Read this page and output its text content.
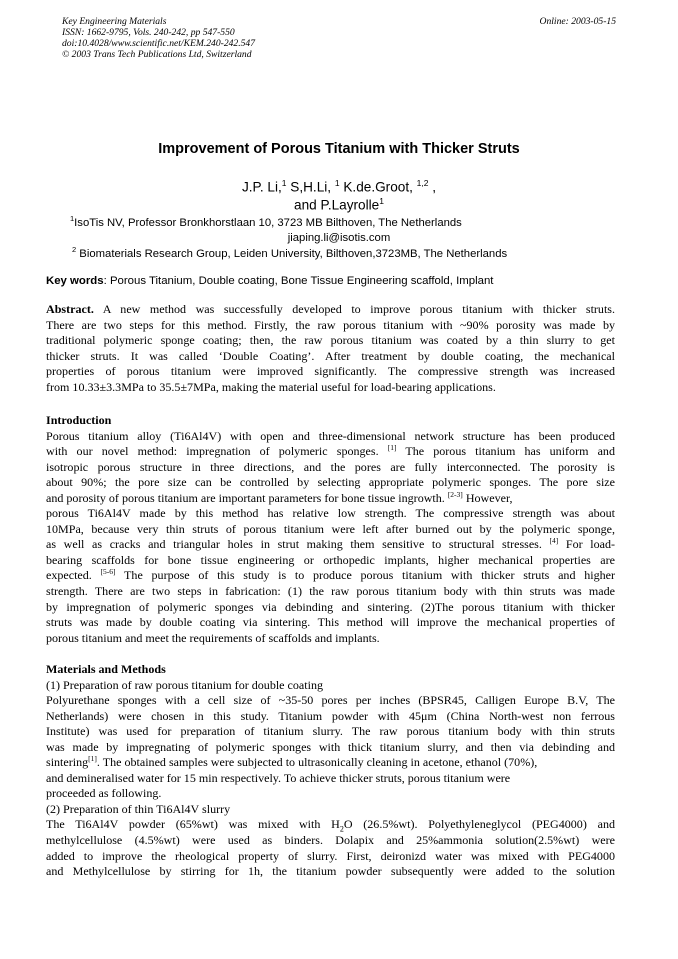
Key Engineering Materials
ISSN: 1662-9795, Vols. 240-242, pp 547-550
doi:10.4028/www.scientific.net/KEM.240-242.547
© 2003 Trans Tech Publications Ltd, Switzerland
Online: 2003-05-15
Improvement of Porous Titanium with Thicker Struts
J.P. Li,$^1$ S,H.Li, $^1$ K.de.Groot, $^{1,2}$ ,
and P.Layrolle$^1$
$^1$IsoTis NV, Professor Bronkhorstlaan 10, 3723 MB Bilthoven, The Netherlands
jiaping.li@isotis.com
$^2$ Biomaterials Research Group, Leiden University, Bilthoven,3723MB, The Netherlands
Key words: Porous Titanium, Double coating, Bone Tissue Engineering scaffold, Implant
Abstract. A new method was successfully developed to improve porous titanium with thicker struts.
There are two steps for this method. Firstly, the raw porous titanium with ~90% porosity was made by
traditional polymeric sponge coating; then, the raw porous titanium was coated by a thin slurry to get
thicker struts. It was called ‘Double Coating’. After treatment by double coating, the mechanical
properties of porous titanium were improved significantly. The compressive strength was increased
from 10.33±3.3MPa to 35.5±7MPa, making the material useful for load-bearing applications.
Introduction
Porous titanium alloy (Ti6Al4V) with open and three-dimensional network structure has been produced
with our novel method: impregnation of polymeric sponges. [1] The porous titanium has uniform and
isotropic porous structure in three directions, and the pores are fully interconnected. The porosity is
about 90%; the pore size can be controlled by selecting appropriate polymeric sponges. The pore size
and porosity of porous titanium are important parameters for bone tissue ingrowth. [2-3] However,
porous Ti6Al4V made by this method has relative low strength. The compressive strength was about
10MPa, because very thin struts of porous titanium were left after burned out by the polymeric sponge,
as well as cracks and triangular holes in strut making them sensitive to structural stresses. [4] For load-
bearing scaffolds for bone tissue engineering or orthopedic implants, higher mechanical properties are
expected. [5-6] The purpose of this study is to produce porous titanium with thicker struts and higher
strength. There are two steps in fabrication: (1) the raw porous titanium body with thin struts was made
by impregnation of polymeric sponges via debinding and sintering. (2)The porous titanium with thicker
struts was made by double coating via sintering. This method will improve the mechanical properties of
porous titanium and meet the requirements of scaffolds and implants.
Materials and Methods
(1) Preparation of raw porous titanium for double coating
Polyurethane sponges with a cell size of ~35-50 pores per inches (BPSR45, Calligen Europe B.V, The
Netherlands) were chosen in this study. Titanium powder with 45μm (China North-west non ferrous
Institute) was used for preparation of titanium slurry. The raw porous titanium body with thin struts
was made by impregnating of polymeric sponges with thick titanium slurry, and then via debinding and
sintering[1]. The obtained samples were subjected to ultrasonically cleaning in acetone, ethanol (70%),
and demineralised water for 15 min respectively. To achieve thicker struts, porous titanium were
proceeded as following.
(2) Preparation of thin Ti6Al4V slurry
The Ti6Al4V powder (65%wt) was mixed with $H_2O$ (26.5%wt). Polyethyleneglycol (PEG4000) and
methylcellulose (4.5%wt) were used as binders. Dolapix and 25%ammonia solution(2.5%wt) were
added to improve the rheological property of slurry. First, deironizd water was mixed with PEG4000
and Methylcellulose by stirring for 1h, the titanium powder subsequently were added to the solution
